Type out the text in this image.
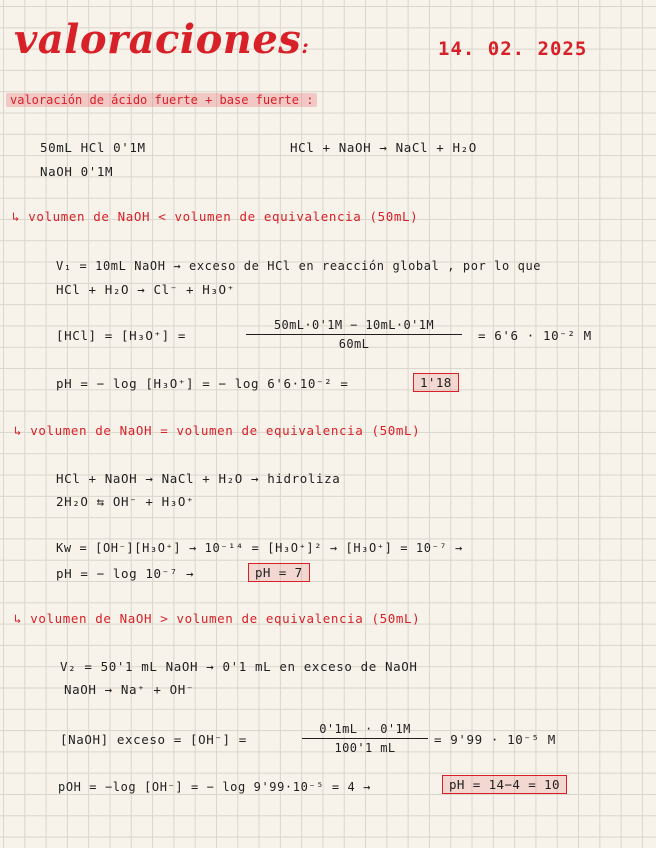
valoraciones:	14. 02. 2025
valoración de ácido fuerte + base fuerte :
50mL HCl 0'1M
NaOH 0'1M
HCl + NaOH → NaCl + H₂O
↳ volumen de NaOH < volumen de equivalencia (50mL)
V₁ = 10mL NaOH → exceso de HCl en reacción global , por lo que
HCl + H₂O → Cl⁻ + H₃O⁺
[HCl] = [H₃O⁺] =	$\frac{50mL\cdot 0'1M - 10mL\cdot 0'1M}{60mL} = 6'6 \cdot 10^{-2}$ M
pH = − log [H₃O⁺] = − log 6'6·10⁻² =	1'18
↳ volumen de NaOH = volumen de equivalencia (50mL)
HCl + NaOH → NaCl + H₂O → hidroliza
2H₂O ⇆ OH⁻ + H₃O⁺
Kw = [OH⁻][H₃O⁺] → 10⁻¹⁴ = [H₃O⁺]² → [H₃O⁺] = 10⁻⁷ →
pH = − log 10⁻⁷ →	pH = 7
↳ volumen de NaOH > volumen de equivalencia (50mL)
V₂ = 50'1 mL NaOH → 0'1 mL en exceso de NaOH
NaOH → Na⁺ + OH⁻
[NaOH] exceso = [OH⁻] =	$\frac{0'1mL \cdot 0'1M}{100'1 mL} = 9'99 \cdot 10^{-5}$ M
pOH = −log [OH⁻] = − log 9'99·10⁻⁵ = 4 →	pH = 14−4 = 10
